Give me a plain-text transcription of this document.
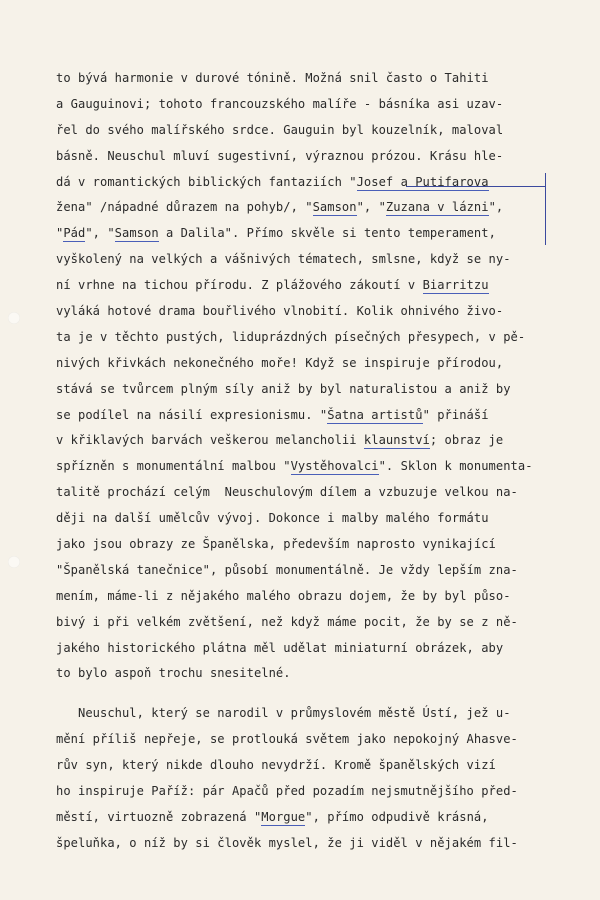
to bývá harmonie v durové tónině. Možná snil často o Tahiti
a Gauguinovi; tohoto francouzského malíře - básníka asi uzav-
řel do svého malířského srdce. Gauguin byl kouzelník, maloval
básně. Neuschul mluví sugestivní, výraznou prózou. Krásu hle-
dá v romantických biblických fantaziích "Josef a Putifarova
žena" /nápadné důrazem na pohyb/, "Samson", "Zuzana v lázni",
"Pád", "Samson a Dalila". Přímo skvěle si tento temperament,
vyškolený na velkých a vášnivých tématech, smlsne, když se ny-
ní vrhne na tichou přírodu. Z plážového zákoutí v Biarritzu
vyláká hotové drama bouřlivého vlnobití. Kolik ohnivého živo-
ta je v těchto pustých, liduprázdných písečných přesypech, v pě-
nivých křivkách nekonečného moře! Když se inspiruje přírodou,
stává se tvůrcem plným síly aniž by byl naturalistou a aniž by
se podílel na násilí expresionismu. "Šatna artistů" přináší
v křiklavých barvách veškerou melancholii klaunství; obraz je
spřízněn s monumentální malbou "Vystěhovalci". Sklon k monumenta-
talitě prochází celým  Neuschulovým dílem a vzbuzuje velkou na-
ději na další umělcův vývoj. Dokonce i malby malého formátu
jako jsou obrazy ze Španělska, především naprosto vynikající
"Španělská tanečnice", působí monumentálně. Je vždy lepším zna-
mením, máme-li z nějakého malého obrazu dojem, že by byl půso-
bivý i při velkém zvětšení, než když máme pocit, že by se z ně-
jakého historického plátna měl udělat miniaturní obrázek, aby
to bylo aspoň trochu snesitelné.
Neuschul, který se narodil v průmyslovém městě Ústí, jež u-
mění příliš nepřeje, se protlouká světem jako nepokojný Ahasve-
rův syn, který nikde dlouho nevydrží. Kromě španělských vizí
ho inspiruje Paříž: pár Apačů před pozadím nejsmutnějšího před-
městí, virtuozně zobrazená "Morgue", přímo odpudivě krásná,
špeluňka, o níž by si člověk myslel, že ji viděl v nějakém fil-
